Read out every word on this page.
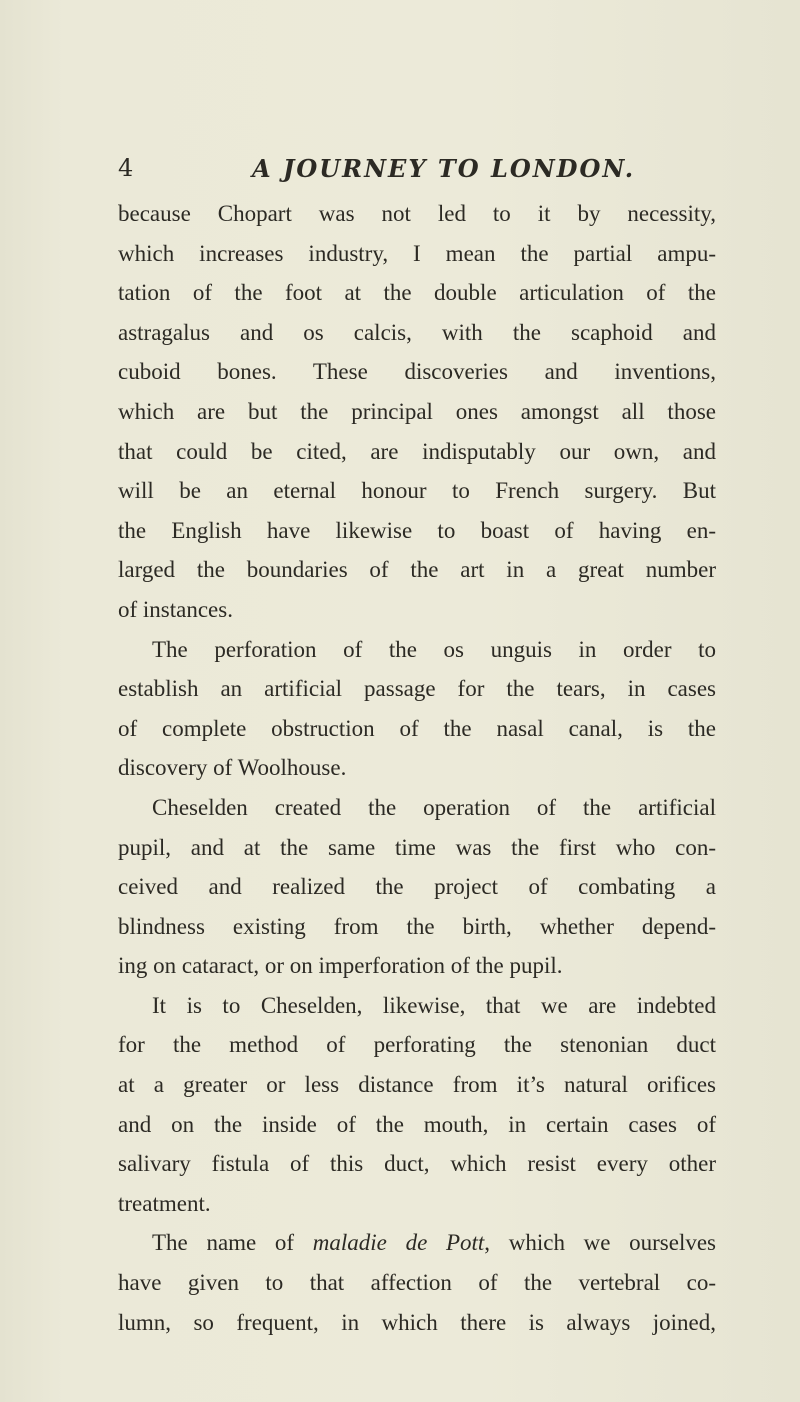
4	A JOURNEY TO LONDON.
because Chopart was not led to it by necessity,
which increases industry, I mean the partial ampu-
tation of the foot at the double articulation of the
astragalus and os calcis, with the scaphoid and
cuboid bones. These discoveries and inventions,
which are but the principal ones amongst all those
that could be cited, are indisputably our own, and
will be an eternal honour to French surgery. But
the English have likewise to boast of having en-
larged the boundaries of the art in a great number
of instances.
The perforation of the os unguis in order to
establish an artificial passage for the tears, in cases
of complete obstruction of the nasal canal, is the
discovery of Woolhouse.
Cheselden created the operation of the artificial
pupil, and at the same time was the first who con-
ceived and realized the project of combating a
blindness existing from the birth, whether depend-
ing on cataract, or on imperforation of the pupil.
It is to Cheselden, likewise, that we are indebted
for the method of perforating the stenonian duct
at a greater or less distance from it’s natural orifices
and on the inside of the mouth, in certain cases of
salivary fistula of this duct, which resist every other
treatment.
The name of maladie de Pott, which we ourselves
have given to that affection of the vertebral co-
lumn, so frequent, in which there is always joined,
